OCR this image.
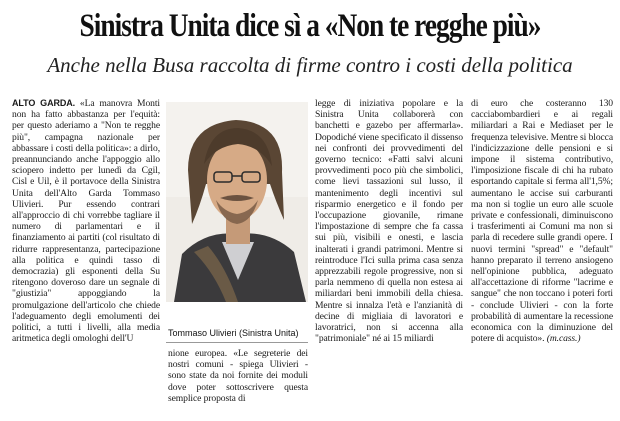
Sinistra Unita dice sì a «Non te regghe più»
Anche nella Busa raccolta di firme contro i costi della politica

ALTO GARDA. «La manovra Monti non ha fatto abbastanza per l'equità: per questo aderiamo a "Non te regghe più", campagna nazionale per abbassare i costi della politica»: a dirlo, preannunciando anche l'appoggio allo sciopero indetto per lunedì da Cgil, Cisl e Uil, è il portavoce della Sinistra Unita dell'Alto Garda Tommaso Ulivieri. Pur essendo contrari all'approccio di chi vorrebbe tagliare il numero di parlamentari e il finanziamento ai partiti (col risultato di ridurre rappresentanza, partecipazione alla politica e quindi tasso di democrazia) gli esponenti della Su ritengono doveroso dare un segnale di "giustizia" appoggiando la promulgazione dell'articolo che chiede l'adeguamento degli emolumenti dei politici, a tutti i livelli, alla media aritmetica degli omologhi dell'U

Tommaso Ulivieri (Sinistra Unita)

nione europea. «Le segreterie dei nostri comuni - spiega Ulivieri - sono state da noi fornite dei moduli dove poter sottoscrivere questa semplice proposta di

legge di iniziativa popolare e la Sinistra Unita collaborerà con banchetti e gazebo per affermarla». Dopodiché viene specificato il dissenso nei confronti dei provvedimenti del governo tecnico: «Fatti salvi alcuni provvedimenti poco più che simbolici, come lievi tassazioni sul lusso, il mantenimento degli incentivi sul risparmio energetico e il fondo per l'occupazione giovanile, rimane l'impostazione di sempre che fa cassa sui più, visibili e onesti, e lascia inalterati i grandi patrimoni. Mentre si reintroduce l'Ici sulla prima casa senza apprezzabili regole progressive, non si parla nemmeno di quella non estesa ai miliardari beni immobili della chiesa. Mentre si innalza l'età e l'anzianità di decine di migliaia di lavoratori e lavoratrici, non si accenna alla "patrimoniale" né ai 15 miliardi

di euro che costeranno 130 cacciabombardieri e ai regali miliardari a Rai e Mediaset per le frequenza televisive. Mentre si blocca l'indicizzazione delle pensioni e si impone il sistema contributivo, l'imposizione fiscale di chi ha rubato esportando capitale si ferma all'1,5%; aumentano le accise sui carburanti ma non si toglie un euro alle scuole private e confessionali, diminuiscono i trasferimenti ai Comuni ma non si parla di recedere sulle grandi opere. I nuovi termini "spread" e "default" hanno preparato il terreno ansiogeno nell'opinione pubblica, adeguato all'accettazione di riforme "lacrime e sangue" che non toccano i poteri forti - conclude Ulivieri - con la forte probabilità di aumentare la recessione economica con la diminuzione del potere di acquisto». (m.cass.)
